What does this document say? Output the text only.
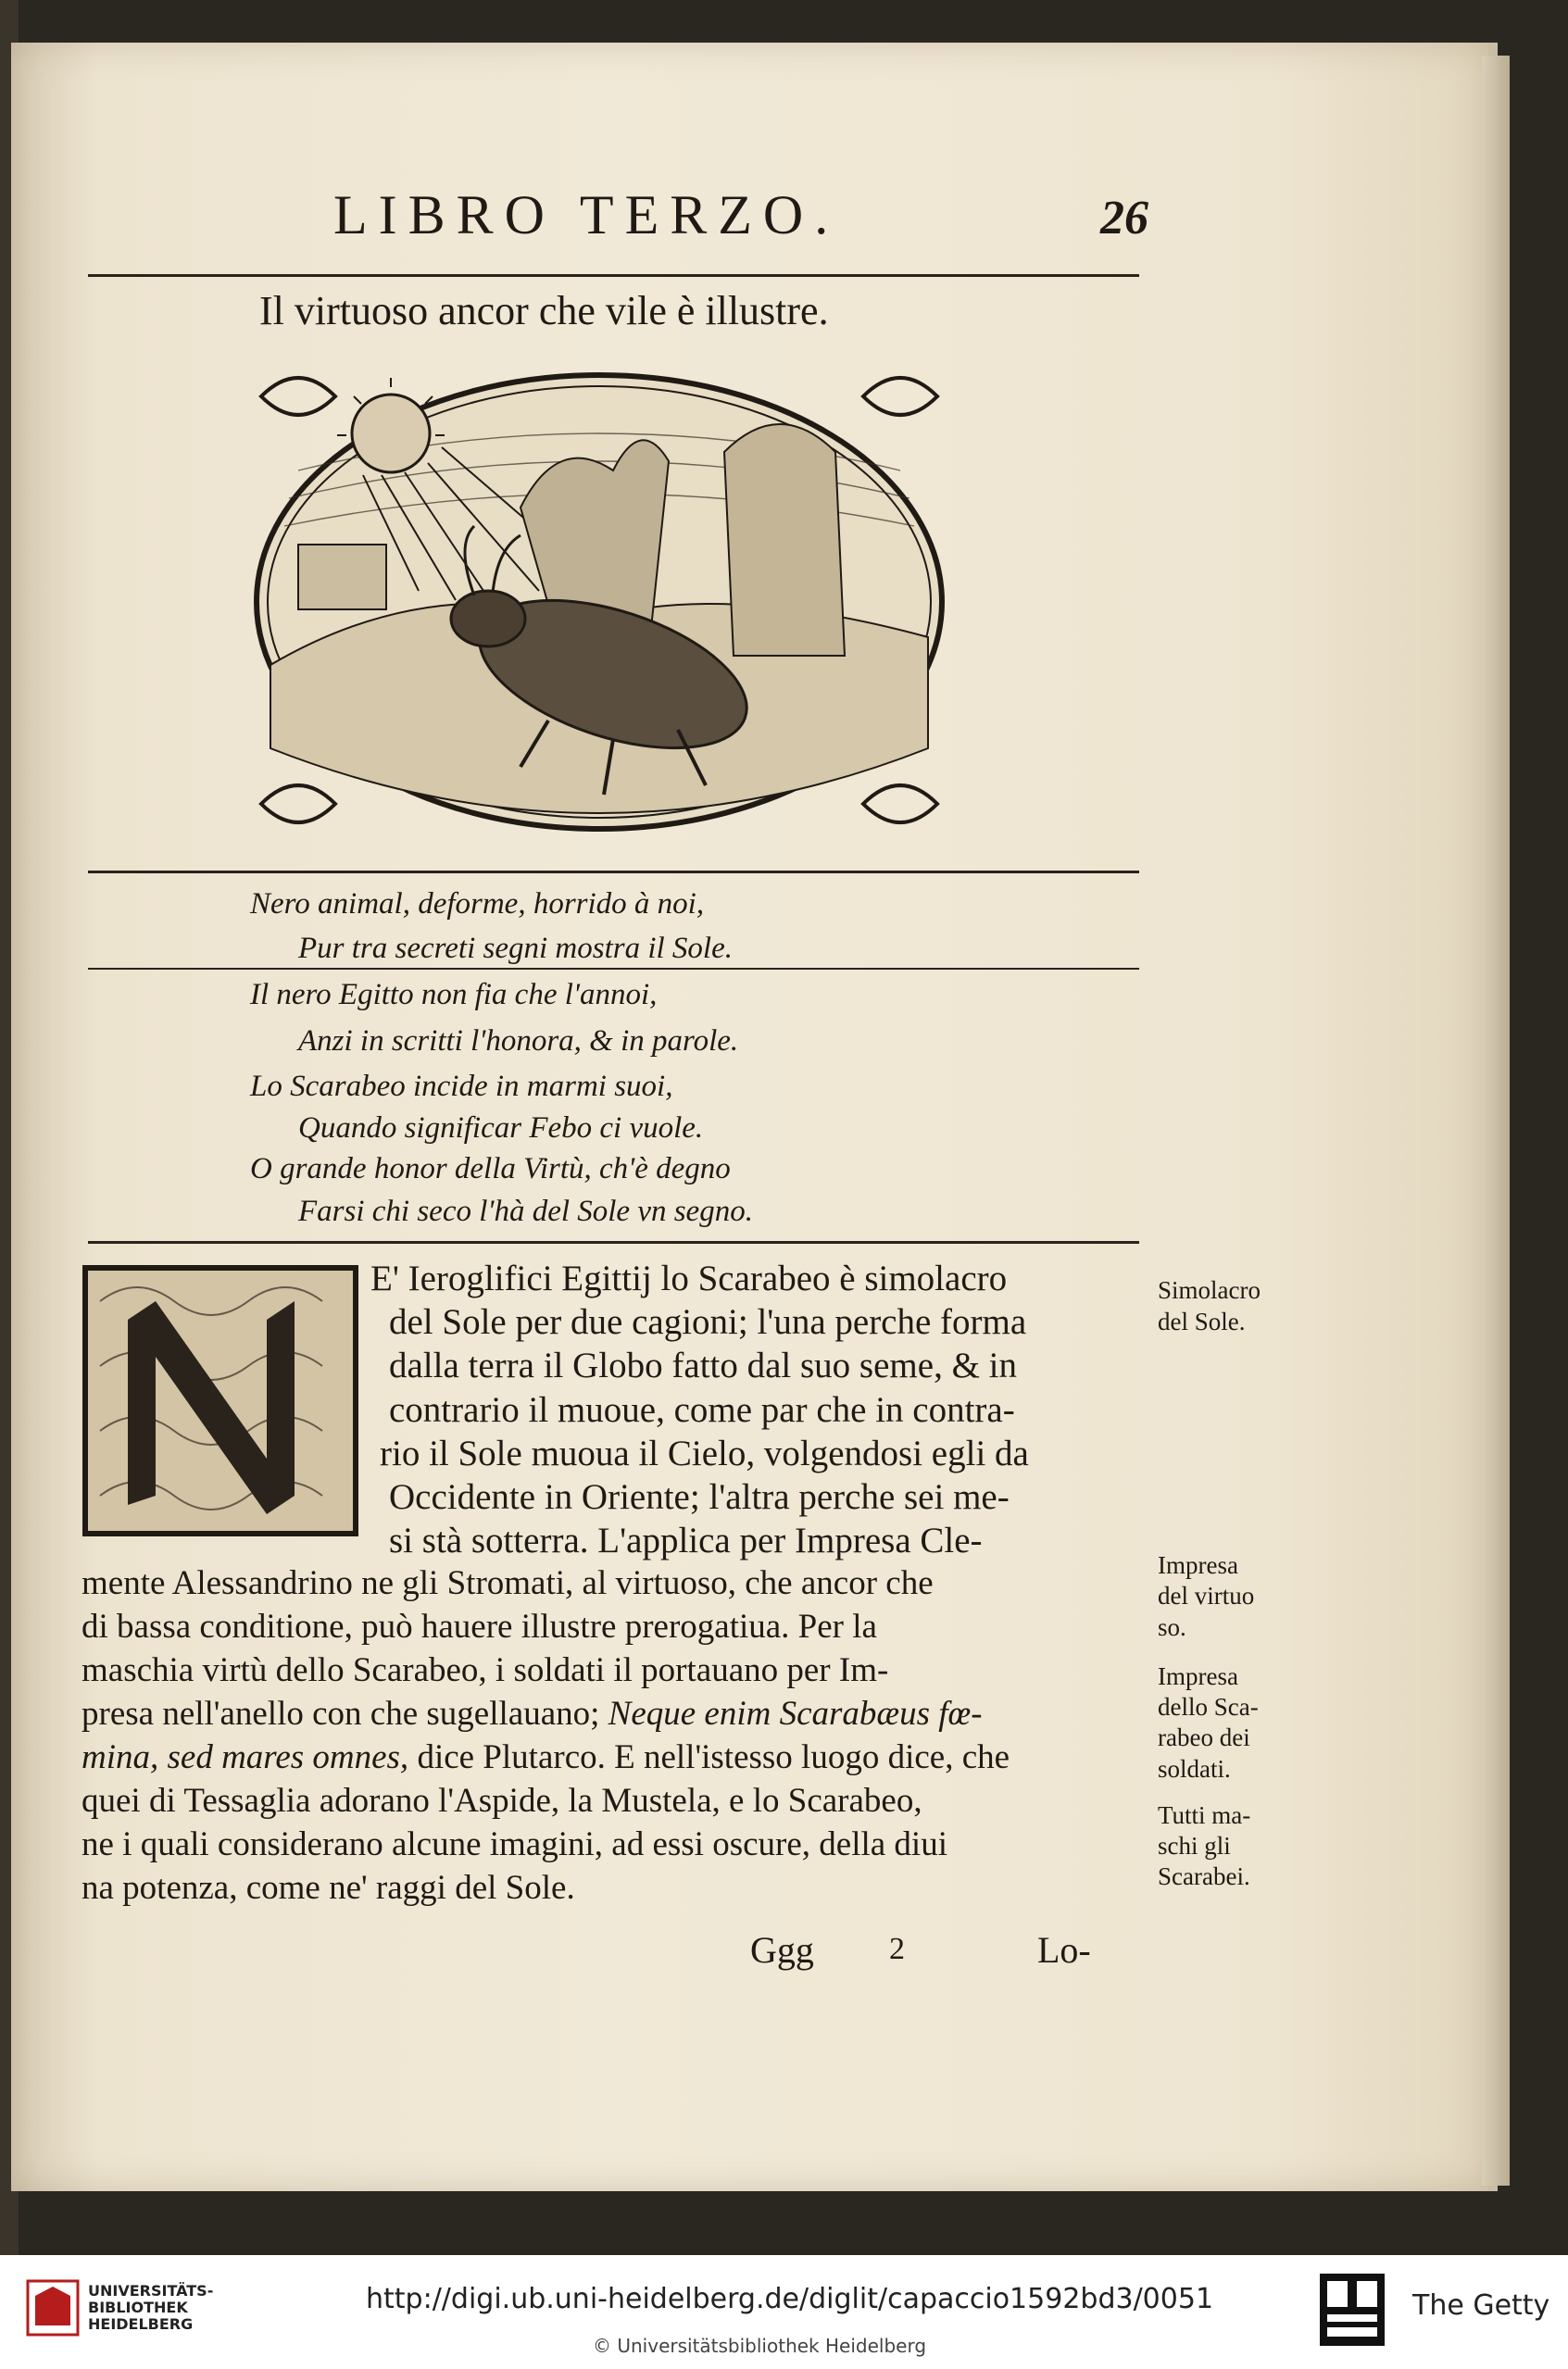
LIBRO TERZO.	26
Il virtuoso ancor che vile è illustre.
Nero animal, deforme, horrido à noi,
Pur tra secreti segni mostra il Sole.
Il nero Egitto non fia che l'annoi,
Anzi in scritti l'honora, & in parole.
Lo Scarabeo incide in marmi suoi,
Quando significar Febo ci vuole.
O grande honor della Virtù, ch'è degno
Farsi chi seco l'hà del Sole vn segno.
E' Ieroglifici Egittij lo Scarabeo è simolacro
del Sole per due cagioni; l'una perche forma
dalla terra il Globo fatto dal suo seme, & in
contrario il muoue, come par che in contra-
rio il Sole muoua il Cielo, volgendosi egli da
Occidente in Oriente; l'altra perche sei me-
si stà sotterra. L'applica per Impresa Cle-
mente Alessandrino ne gli Stromati, al virtuoso, che ancor che
di bassa conditione, può hauere illustre prerogatiua. Per la
maschia virtù dello Scarabeo, i soldati il portauano per Im-
presa nell'anello con che sugellauano; Neque enim Scarabæus fœ-
mina, sed mares omnes, dice Plutarco. E nell'istesso luogo dice, che
quei di Tessaglia adorano l'Aspide, la Mustela, e lo Scarabeo,
ne i quali considerano alcune imagini, ad essi oscure, della diui
na potenza, come ne' raggi del Sole.
Ggg 2	Lo-
Simolacro
del Sole.
Impresa
del virtuo
so.
Impresa
dello Sca-
rabeo dei
soldati.
Tutti ma-
schi gli
Scarabei.
UNIVERSITÄTS-
BIBLIOTHEK
HEIDELBERG
http://digi.ub.uni-heidelberg.de/diglit/capaccio1592bd3/0051
© Universitätsbibliothek Heidelberg
The Getty
